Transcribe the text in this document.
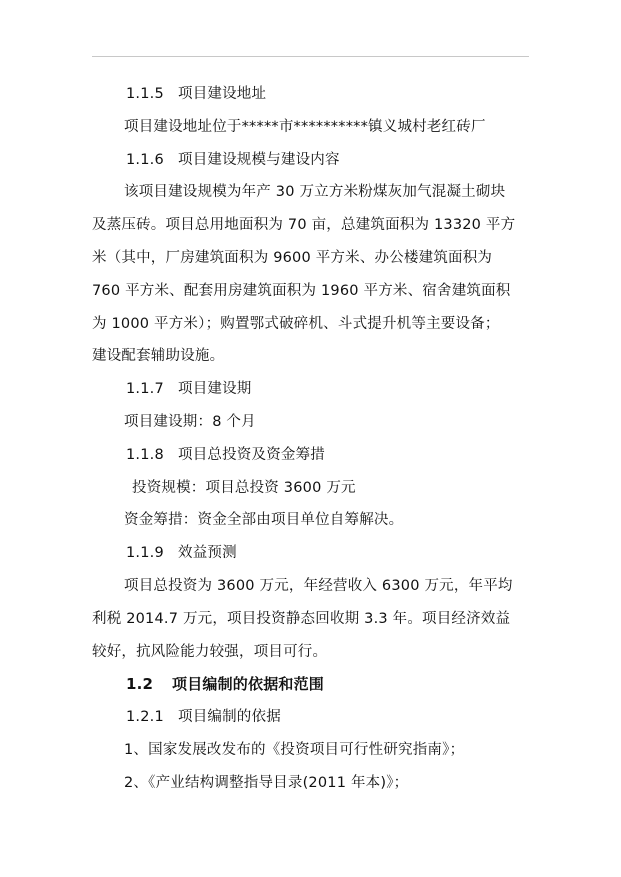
1.1.5 项目建设地址
项目建设地址位于*****市**********镇义城村老红砖厂
1.1.6 项目建设规模与建设内容
该项目建设规模为年产 30 万立方米粉煤灰加气混凝土砌块
及蒸压砖。项目总用地面积为 70 亩，总建筑面积为 13320 平方
米（其中，厂房建筑面积为 9600 平方米、办公楼建筑面积为
760 平方米、配套用房建筑面积为 1960 平方米、宿舍建筑面积
为 1000 平方米）；购置鄂式破碎机、斗式提升机等主要设备；
建设配套辅助设施。
1.1.7 项目建设期
项目建设期：8 个月
1.1.8 项目总投资及资金筹措
投资规模：项目总投资 3600 万元
资金筹措：资金全部由项目单位自筹解决。
1.1.9 效益预测
项目总投资为 3600 万元，年经营收入 6300 万元，年平均
利税 2014.7 万元，项目投资静态回收期 3.3 年。项目经济效益
较好，抗风险能力较强，项目可行。
1.2 项目编制的依据和范围
1.2.1 项目编制的依据
1、国家发展改发布的《投资项目可行性研究指南》；
2、《产业结构调整指导目录(2011 年本)》；
